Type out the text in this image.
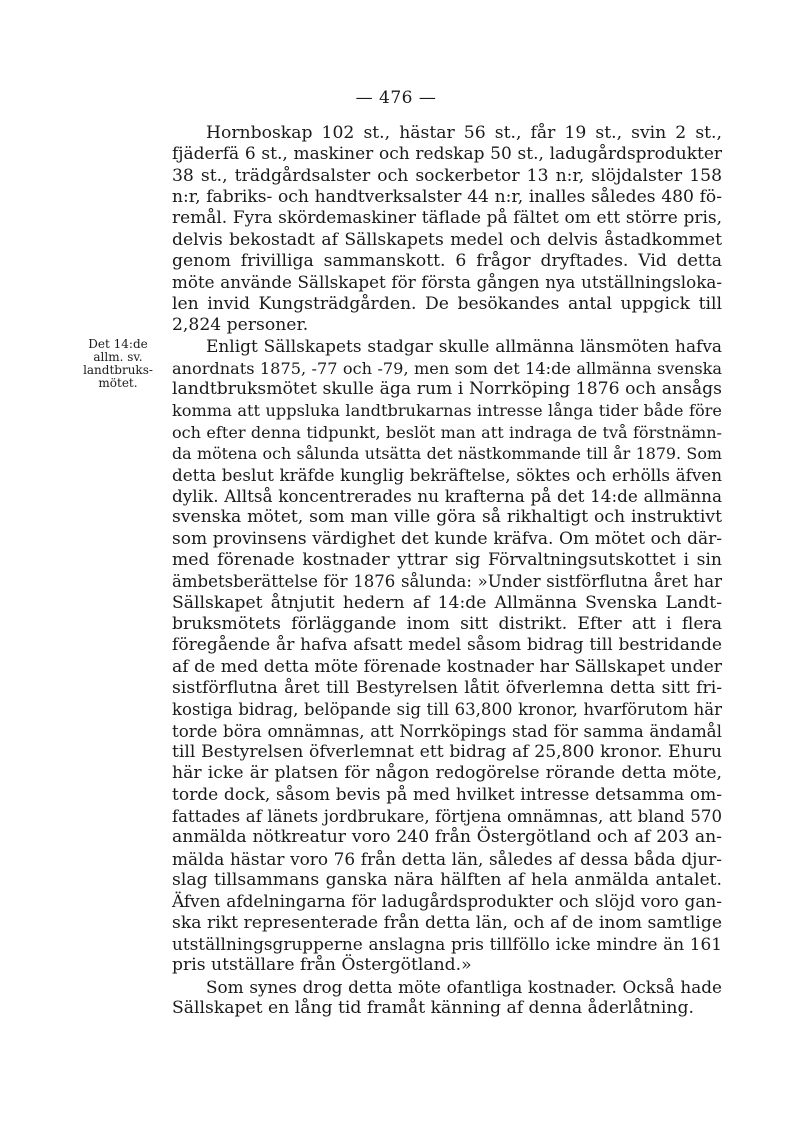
— 476 —
Det 14:de
allm. sv.
landtbruks-
mötet.
Hornboskap 102 st., hästar 56 st., får 19 st., svin 2 st.,
fjäderfä 6 st., maskiner och redskap 50 st., ladugårdsprodukter
38 st., trädgårdsalster och sockerbetor 13 n:r, slöjdalster 158
n:r, fabriks- och handtverksalster 44 n:r, inalles således 480 fö-
remål. Fyra skördemaskiner täflade på fältet om ett större pris,
delvis bekostadt af Sällskapets medel och delvis åstadkommet
genom frivilliga sammanskott. 6 frågor dryftades. Vid detta
möte använde Sällskapet för första gången nya utställningsloka-
len invid Kungsträdgården. De besökandes antal uppgick till
2,824 personer.
Enligt Sällskapets stadgar skulle allmänna länsmöten hafva
anordnats 1875, -77 och -79, men som det 14:de allmänna svenska
landtbruksmötet skulle äga rum i Norrköping 1876 och ansågs
komma att uppsluka landtbrukarnas intresse långa tider både före
och efter denna tidpunkt, beslöt man att indraga de två förstnämn-
da mötena och sålunda utsätta det nästkommande till år 1879. Som
detta beslut kräfde kunglig bekräftelse, söktes och erhölls äfven
dylik. Alltså koncentrerades nu krafterna på det 14:de allmänna
svenska mötet, som man ville göra så rikhaltigt och instruktivt
som provinsens värdighet det kunde kräfva. Om mötet och där-
med förenade kostnader yttrar sig Förvaltningsutskottet i sin
ämbetsberättelse för 1876 sålunda: »Under sistförflutna året har
Sällskapet åtnjutit hedern af 14:de Allmänna Svenska Landt-
bruksmötets förläggande inom sitt distrikt. Efter att i flera
föregående år hafva afsatt medel såsom bidrag till bestridande
af de med detta möte förenade kostnader har Sällskapet under
sistförflutna året till Bestyrelsen låtit öfverlemna detta sitt fri-
kostiga bidrag, belöpande sig till 63,800 kronor, hvarförutom här
torde böra omnämnas, att Norrköpings stad för samma ändamål
till Bestyrelsen öfverlemnat ett bidrag af 25,800 kronor. Ehuru
här icke är platsen för någon redogörelse rörande detta möte,
torde dock, såsom bevis på med hvilket intresse detsamma om-
fattades af länets jordbrukare, förtjena omnämnas, att bland 570
anmälda nötkreatur voro 240 från Östergötland och af 203 an-
mälda hästar voro 76 från detta län, således af dessa båda djur-
slag tillsammans ganska nära hälften af hela anmälda antalet.
Äfven afdelningarna för ladugårdsprodukter och slöjd voro gan-
ska rikt representerade från detta län, och af de inom samtlige
utställningsgrupperne anslagna pris tillföllo icke mindre än 161
pris utställare från Östergötland.»
Som synes drog detta möte ofantliga kostnader. Också hade
Sällskapet en lång tid framåt känning af denna åderlåtning.
